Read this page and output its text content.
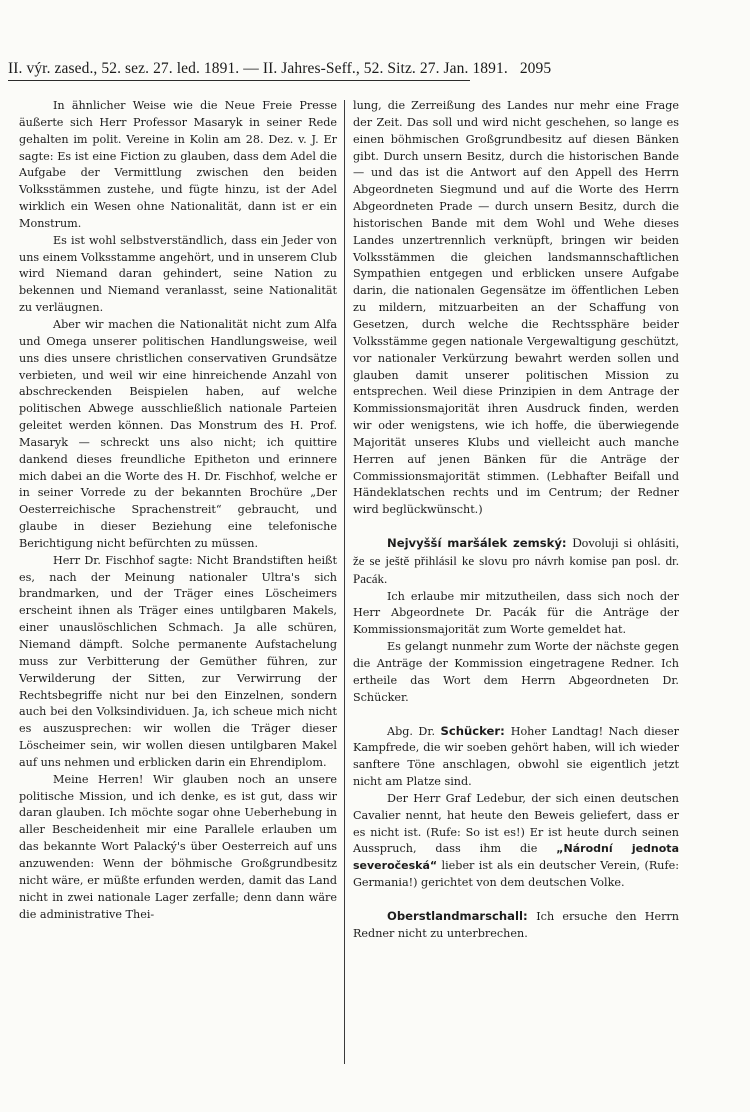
II. výr. zased., 52. sez. 27. led. 1891. — II. Jahres-Seff., 52. Sitz. 27. Jan. 1891. 2095

In ähnlicher Weise wie die Neue Freie Presse äußerte sich Herr Professor Masaryk in seiner Rede gehalten im polit. Vereine in Kolin am 28. Dez. v. J. Er sagte: Es ist eine Fiction zu glauben, dass dem Adel die Aufgabe der Vermittlung zwischen den beiden Volksstämmen zustehe, und fügte hinzu, ist der Adel wirklich ein Wesen ohne Nationalität, dann ist er ein Monstrum.

Es ist wohl selbstverständlich, dass ein Jeder von uns einem Volksstamme angehört, und in unserem Club wird Niemand daran gehindert, seine Nation zu bekennen und Niemand veranlasst, seine Nationalität zu verläugnen.

Aber wir machen die Nationalität nicht zum Alfa und Omega unserer politischen Handlungsweise, weil uns dies unsere christlichen conservativen Grundsätze verbieten, und weil wir eine hinreichende Anzahl von abschreckenden Beispielen haben, auf welche politischen Abwege ausschließlich nationale Parteien geleitet werden können. Das Monstrum des H. Prof. Masaryk — schreckt uns also nicht; ich quittire dankend dieses freundliche Epitheton und erinnere mich dabei an die Worte des H. Dr. Fischhof, welche er in seiner Vorrede zu der bekannten Brochüre „Der Oesterreichische Sprachenstreit“ gebraucht, und glaube in dieser Beziehung eine telefonische Berichtigung nicht befürchten zu müssen.

Herr Dr. Fischhof sagte: Nicht Brandstiften heißt es, nach der Meinung nationaler Ultra's sich brandmarken, und der Träger eines Löscheimers erscheint ihnen als Träger eines untilgbaren Makels, einer unauslöschlichen Schmach. Ja alle schüren, Niemand dämpft. Solche permanente Aufstachelung muss zur Verbitterung der Gemüther führen, zur Verwilderung der Sitten, zur Verwirrung der Rechtsbegriffe nicht nur bei den Einzelnen, sondern auch bei den Volksindividuen. Ja, ich scheue mich nicht es auszusprechen: wir wollen die Träger dieser Löscheimer sein, wir wollen diesen untilgbaren Makel auf uns nehmen und erblicken darin ein Ehrendiplom.

Meine Herren! Wir glauben noch an unsere politische Mission, und ich denke, es ist gut, dass wir daran glauben. Ich möchte sogar ohne Ueberhebung in aller Bescheidenheit mir eine Parallele erlauben um das bekannte Wort Palacký's über Oesterreich auf uns anzuwenden: Wenn der böhmische Großgrundbesitz nicht wäre, er müßte erfunden werden, damit das Land nicht in zwei nationale Lager zerfalle; denn dann wäre die administrative Thei-

lung, die Zerreißung des Landes nur mehr eine Frage der Zeit. Das soll und wird nicht geschehen, so lange es einen böhmischen Großgrundbesitz auf diesen Bänken gibt. Durch unsern Besitz, durch die historischen Bande — und das ist die Antwort auf den Appell des Herrn Abgeordneten Siegmund und auf die Worte des Herrn Abgeordneten Prade — durch unsern Besitz, durch die historischen Bande mit dem Wohl und Wehe dieses Landes unzertrennlich verknüpft, bringen wir beiden Volksstämmen die gleichen landsmannschaftlichen Sympathien entgegen und erblicken unsere Aufgabe darin, die nationalen Gegensätze im öffentlichen Leben zu mildern, mitzuarbeiten an der Schaffung von Gesetzen, durch welche die Rechtssphäre beider Volksstämme gegen nationale Vergewaltigung geschützt, vor nationaler Verkürzung bewahrt werden sollen und glauben damit unserer politischen Mission zu entsprechen. Weil diese Prinzipien in dem Antrage der Kommissionsmajorität ihren Ausdruck finden, werden wir oder wenigstens, wie ich hoffe, die überwiegende Majorität unseres Klubs und vielleicht auch manche Herren auf jenen Bänken für die Anträge der Commissionsmajorität stimmen. (Lebhafter Beifall und Händeklatschen rechts und im Centrum; der Redner wird beglückwünscht.)

Nejvyšší maršálek zemský: Dovoluji si ohlásiti, že se ještě přihlásil ke slovu pro návrh komise pan posl. dr. Pacák.

Ich erlaube mir mitzutheilen, dass sich noch der Herr Abgeordnete Dr. Pacák für die Anträge der Kommissionsmajorität zum Worte gemeldet hat.

Es gelangt nunmehr zum Worte der nächste gegen die Anträge der Kommission eingetragene Redner. Ich ertheile das Wort dem Herrn Abgeordneten Dr. Schücker.

Abg. Dr. Schücker: Hoher Landtag! Nach dieser Kampfrede, die wir soeben gehört haben, will ich wieder sanftere Töne anschlagen, obwohl sie eigentlich jetzt nicht am Platze sind.

Der Herr Graf Ledebur, der sich einen deutschen Cavalier nennt, hat heute den Beweis geliefert, dass er es nicht ist. (Rufe: So ist es!) Er ist heute durch seinen Ausspruch, dass ihm die „Národní jednota severočeská“ lieber ist als ein deutscher Verein, (Rufe: Germania!) gerichtet von dem deutschen Volke.

Oberstlandmarschall: Ich ersuche den Herrn Redner nicht zu unterbrechen.
